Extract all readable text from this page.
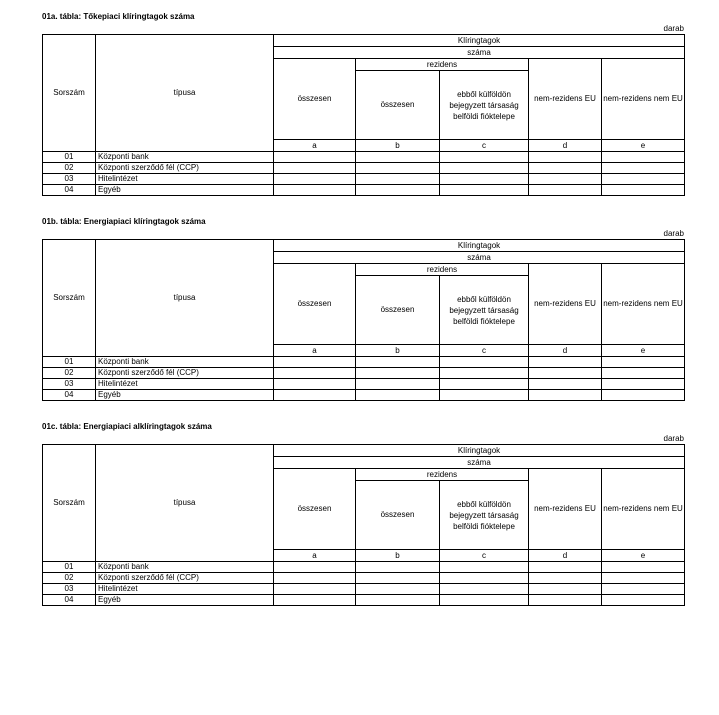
01a. tábla: Tőkepiaci klíringtagok száma
darab
Sorszám	típusa	Klíringtagok				
		száma				
		összesen	rezidens		nem-rezidens EU	nem-rezidens nem EU
			összesen	ebből külföldön bejegyzett társaság belföldi fióktelepe		
		a	b	c	d	e
01	Központi bank					
02	Központi szerződő fél (CCP)					
03	Hitelintézet					
04	Egyéb					
01b. tábla: Energiapiaci klíringtagok száma
darab
Sorszám	típusa	Klíringtagok				
		száma				
		összesen	rezidens		nem-rezidens EU	nem-rezidens nem EU
			összesen	ebből külföldön bejegyzett társaság belföldi fióktelepe		
		a	b	c	d	e
01	Központi bank					
02	Központi szerződő fél (CCP)					
03	Hitelintézet					
04	Egyéb					
01c. tábla: Energiapiaci alklíringtagok száma
darab
Sorszám	típusa	Klíringtagok				
		száma				
		összesen	rezidens		nem-rezidens EU	nem-rezidens nem EU
			összesen	ebből külföldön bejegyzett társaság belföldi fióktelepe		
		a	b	c	d	e
01	Központi bank					
02	Központi szerződő fél (CCP)					
03	Hitelintézet					
04	Egyéb					
